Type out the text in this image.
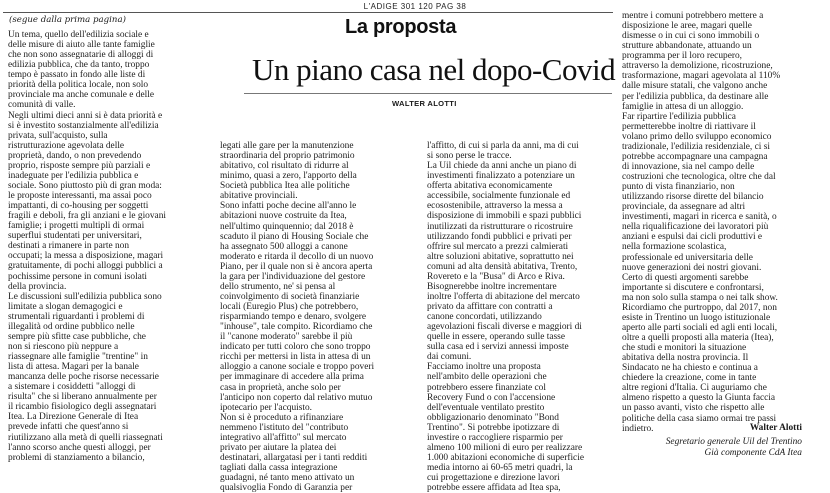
L'ADIGE 301 120 PAG 38
La proposta
(segue dalla prima pagina)
Un piano casa nel dopo-Covid
WALTER ALOTTI

Un tema, quello dell'edilizia sociale e
delle misure di aiuto alle tante famiglie
che non sono assegnatarie di alloggi di
edilizia pubblica, che da tanto, troppo
tempo è passato in fondo alle liste di
priorità della politica locale, non solo
provinciale ma anche comunale e delle
comunità di valle.
Negli ultimi dieci anni si è data priorità e
si è investito sostanzialmente all'edilizia
privata, sull'acquisto, sulla
ristrutturazione agevolata delle
proprietà, dando, o non prevedendo
proprio, risposte sempre più parziali e
inadeguate per l'edilizia pubblica e
sociale. Sono piuttosto più di gran moda:
le proposte interessanti, ma assai poco
impattanti, di co-housing per soggetti
fragili e deboli, fra gli anziani e le giovani
famiglie; i progetti multipli di ormai
superflui studentati per universitari,
destinati a rimanere in parte non
occupati; la messa a disposizione, magari
gratuitamente, di pochi alloggi pubblici a
pochissime persone in comuni isolati
della provincia.
Le discussioni sull'edilizia pubblica sono
limitate a slogan demagogici e
strumentali riguardanti i problemi di
illegalità od ordine pubblico nelle
sempre più sfitte case pubbliche, che
non si riescono più neppure a
riassegnare alle famiglie "trentine" in
lista di attesa. Magari per la banale
mancanza delle poche risorse necessarie
a sistemare i cosiddetti "alloggi di
risulta" che si liberano annualmente per
il ricambio fisiologico degli assegnatari
Itea. La Direzione Generale di Itea
prevede infatti che quest'anno si
riutilizzano alla metà di quelli riassegnati
l'anno scorso anche questi alloggi, per
problemi di stanziamento a bilancio,

legati alle gare per la manutenzione
straordinaria del proprio patrimonio
abitativo, col risultato di ridurre al
minimo, quasi a zero, l'apporto della
Società pubblica Itea alle politiche
abitative provinciali.
Sono infatti poche decine all'anno le
abitazioni nuove costruite da Itea,
nell'ultimo quinquennio; dal 2018 è
scaduto il piano di Housing Sociale che
ha assegnato 500 alloggi a canone
moderato e ritarda il decollo di un nuovo
Piano, per il quale non si è ancora aperta
la gara per l'individuazione del gestore
dello strumento, ne' si pensa al
coinvolgimento di società finanziarie
locali (Euregio Plus) che potrebbero,
risparmiando tempo e denaro, svolgere
"inhouse", tale compito. Ricordiamo che
il "canone moderato" sarebbe il più
indicato per tutti coloro che sono troppo
ricchi per mettersi in lista in attesa di un
alloggio a canone sociale e troppo poveri
per immaginare di accedere alla prima
casa in proprietà, anche solo per
l'anticipo non coperto dal relativo mutuo
ipotecario per l'acquisto.
Non si è proceduto a rifinanziare
nemmeno l'istituto del "contributo
integrativo all'affitto" sul mercato
privato per aiutare la platea dei
destinatari, allargatasi per i tanti redditi
tagliati dalla cassa integrazione
guadagni, né tanto meno attivato un
qualsivoglia Fondo di Garanzia per

l'affitto, di cui si parla da anni, ma di cui
si sono perse le tracce.
La Uil chiede da anni anche un piano di
investimenti finalizzato a potenziare un
offerta abitativa economicamente
accessibile, socialmente funzionale ed
ecosostenibile, attraverso la messa a
disposizione di immobili e spazi pubblici
inutilizzati da ristrutturare o ricostruire
utilizzando fondi pubblici e privati per
offrire sul mercato a prezzi calmierati
altre soluzioni abitative, soprattutto nei
comuni ad alta densità abitativa, Trento,
Rovereto e la "Busa" di Arco e Riva.
Bisognerebbe inoltre incrementare
inoltre l'offerta di abitazione del mercato
privato da affittare con contratti a
canone concordati, utilizzando
agevolazioni fiscali diverse e maggiori di
quelle in essere, operando sulle tasse
sulla casa ed i servizi annessi imposte
dai comuni.
Facciamo inoltre una proposta
nell'ambito delle operazioni che
potrebbero essere finanziate col
Recovery Fund o con l'accensione
dell'eventuale ventilato prestito
obbligazionario denominato "Bond
Trentino". Si potrebbe ipotizzare di
investire o raccogliere risparmio per
almeno 100 milioni di euro per realizzare
1.000 abitazioni economiche di superficie
media intorno ai 60-65 metri quadri, la
cui progettazione e direzione lavori
potrebbe essere affidata ad Itea spa,

mentre i comuni potrebbero mettere a
disposizione le aree, magari quelle
dismesse o in cui ci sono immobili o
strutture abbandonate, attuando un
programma per il loro recupero,
attraverso la demolizione, ricostruzione,
trasformazione, magari agevolata al 110%
dalle misure statali, che valgono anche
per l'edilizia pubblica, da destinare alle
famiglie in attesa di un alloggio.
Far ripartire l'edilizia pubblica
permetterebbe inoltre di riattivare il
volano primo dello sviluppo economico
tradizionale, l'edilizia residenziale, ci si
potrebbe accompagnare una campagna
di innovazione, sia nel campo delle
costruzioni che tecnologica, oltre che dal
punto di vista finanziario, non
utilizzando risorse dirette del bilancio
provinciale, da assegnare ad altri
investimenti, magari in ricerca e sanità, o
nella riqualificazione dei lavoratori più
anziani e espulsi dai cicli produttivi e
nella formazione scolastica,
professionale ed universitaria delle
nuove generazioni dei nostri giovani.
Certo di questi argomenti sarebbe
importante si discutere e confrontarsi,
ma non solo sulla stampa o nei talk show.
Ricordiamo che purtroppo, dal 2017, non
esiste in Trentino un luogo istituzionale
aperto alle parti sociali ed agli enti locali,
oltre a quelli proposti alla materia (Itea),
che studi e monitori la situazione
abitativa della nostra provincia. Il
Sindacato ne ha chiesto e continua a
chiedere la creazione, come in tante
altre regioni d'Italia. Ci auguriamo che
almeno rispetto a questo la Giunta faccia
un passo avanti, visto che rispetto alle
politiche della casa siamo ormai tre passi
indietro.	Walter Alotti
Segretario generale Uil del Trentino
Già componente CdA Itea
